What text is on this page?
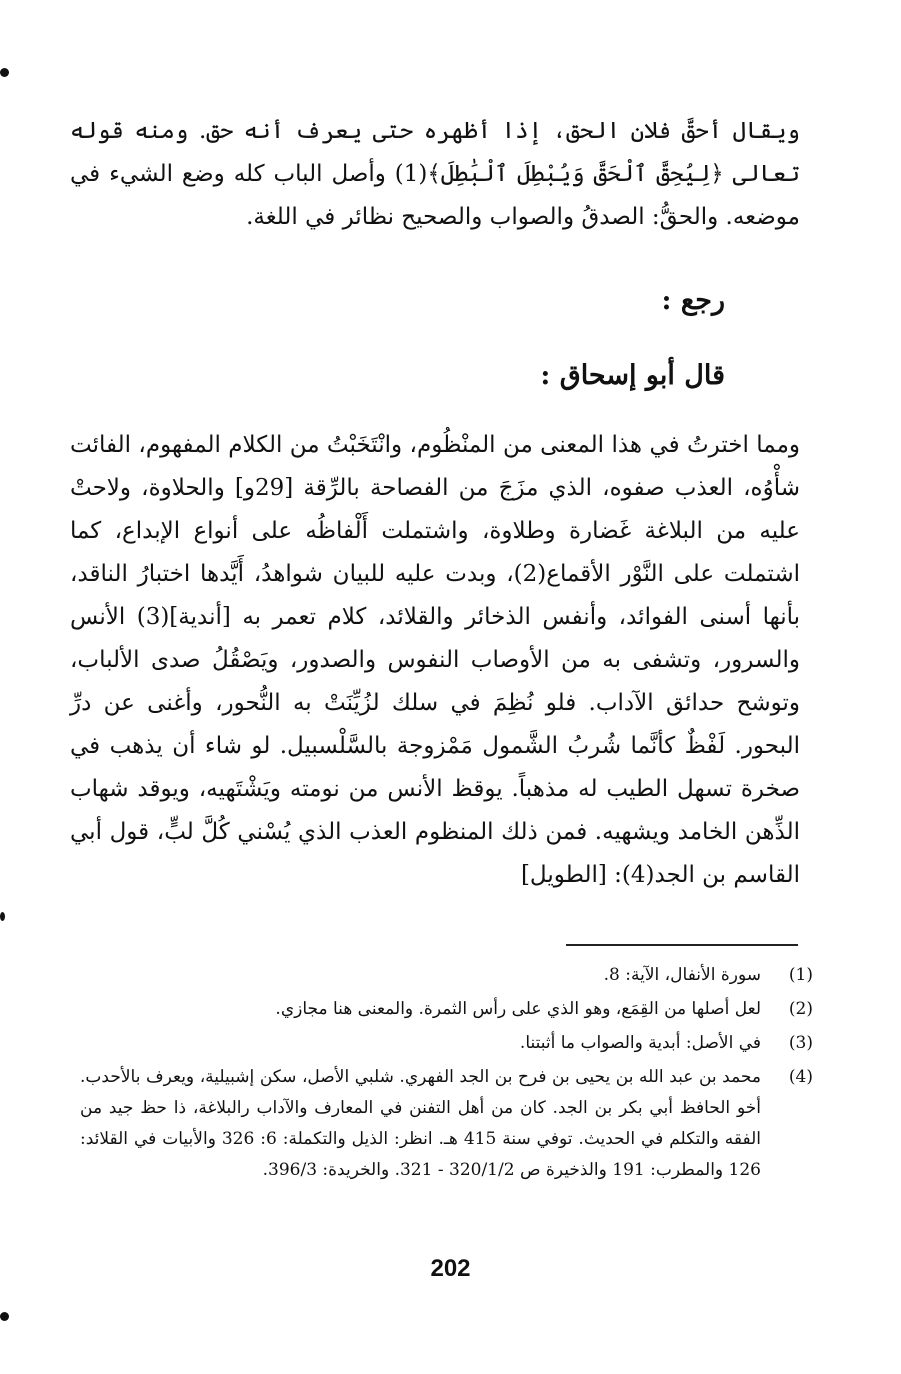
ويقال أحقَّ فلان الحق، إذا أظهره حتى يعرف أنه حق. ومنه قوله تعالى ﴿لِيُحِقَّ ٱلْحَقَّ وَيُبْطِلَ ٱلْبَٰطِلَ﴾(1) وأصل الباب كله وضع الشيء في موضعه. والحقُّ: الصدقُ والصواب والصحيح نظائر في اللغة.

رجع :
قال أبو إسحاق :

ومما اخترتُ في هذا المعنى من المنْظُوم، وانْتَخَبْتُ من الكلام المفهوم، الفائت شأْوُه، العذب صفوه، الذي مزَجَ من الفصاحة بالرِّقة [29و] والحلاوة، ولاحتْ عليه من البلاغة غَضارة وطلاوة، واشتملت أَلْفاظُه على أنواع الإبداع، كما اشتملت على النَّوْر الأقماع(2)، وبدت عليه للبيان شواهدُ، أَيَّدها اختبارُ الناقد، بأنها أسنى الفوائد، وأنفس الذخائر والقلائد، كلام تعمر به [أندية](3) الأنس والسرور، وتشفى به من الأوصاب النفوس والصدور، ويَصْقُلُ صدى الألباب، وتوشح حدائق الآداب. فلو نُظِمَ في سلك لزُيِّنَتْ به النُّحور، وأغنى عن درِّ البحور. لَفْظٌ كأنَّما شُربُ الشَّمول مَمْزوجة بالسَّلْسبيل. لو شاء أن يذهب في صخرة تسهل الطيب له مذهباً. يوقظ الأنس من نومته ويَشْتَهيه، ويوقد شهاب الذِّهن الخامد ويشهيه. فمن ذلك المنظوم العذب الذي يُسْني كُلَّ لبٍّ، قول أبي القاسم بن الجد(4): [الطويل]

(1)
سورة الأنفال، الآية: 8.
(2)
لعل أصلها من القِمَع، وهو الذي على رأس الثمرة. والمعنى هنا مجازي.
(3)
في الأصل: أبدية والصواب ما أثبتنا.
(4)
محمد بن عبد الله بن يحيى بن فرح بن الجد الفهري. شلبي الأصل، سكن إشبيلية، ويعرف بالأحدب. أخو الحافظ أبي بكر بن الجد. كان من أهل التفنن في المعارف والآداب رالبلاغة، ذا حظ جيد من الفقه والتكلم في الحديث. توفي سنة 415 هـ. انظر: الذيل والتكملة: 6: 326 والأبيات في القلائد: 126 والمطرب: 191 والذخيرة ص 320/1/2 - 321. والخريدة: 396/3.
202
